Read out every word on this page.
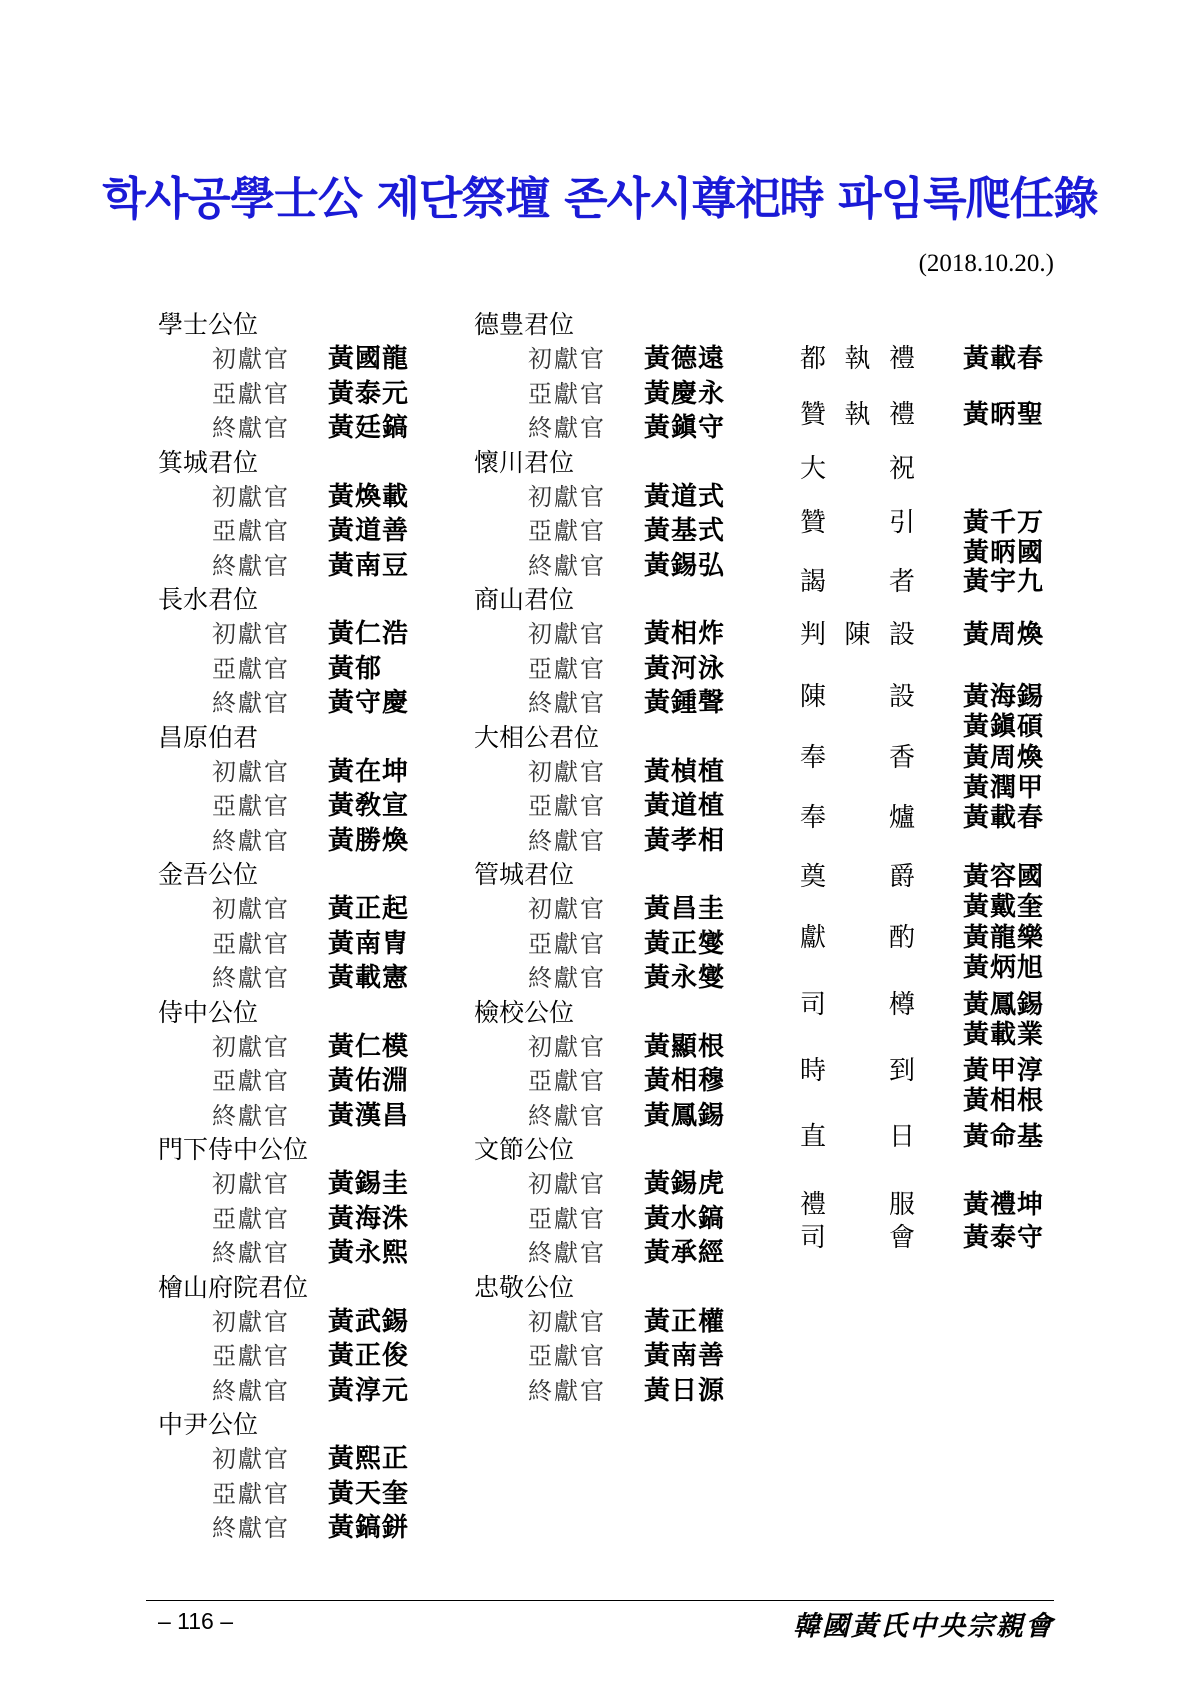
학사공學士公 제단祭壇 존사시尊祀時 파임록爬任錄
(2018.10.20.)
學士公位
初獻官 黃國龍
亞獻官 黃泰元
終獻官 黃廷鎬
箕城君位
初獻官 黃煥載
亞獻官 黃道善
終獻官 黃南豆
長水君位
初獻官 黃仁浩
亞獻官 黃郁
終獻官 黃守慶
昌原伯君
初獻官 黃在坤
亞獻官 黃敎宣
終獻官 黃勝煥
金吾公位
初獻官 黃正起
亞獻官 黃南冑
終獻官 黃載憲
侍中公位
初獻官 黃仁模
亞獻官 黃佑淵
終獻官 黃漢昌
門下侍中公位
初獻官 黃錫圭
亞獻官 黃海洙
終獻官 黃永熙
檜山府院君位
初獻官 黃武錫
亞獻官 黃正俊
終獻官 黃淳元
中尹公位
初獻官 黃熙正
亞獻官 黃天奎
終獻官 黃鎬鉼
德豊君位
初獻官 黃德遠
亞獻官 黃慶永
終獻官 黃鎭守
懷川君位
初獻官 黃道式
亞獻官 黃基式
終獻官 黃錫弘
商山君位
初獻官 黃相炸
亞獻官 黃河泳
終獻官 黃鍾聲
大相公君位
初獻官 黃楨植
亞獻官 黃道植
終獻官 黃孝相
管城君位
初獻官 黃昌圭
亞獻官 黃正燮
終獻官 黃永燮
檢校公位
初獻官 黃顯根
亞獻官 黃相穆
終獻官 黃鳳錫
文節公位
初獻官 黃錫虎
亞獻官 黃水鎬
終獻官 黃承經
忠敬公位
初獻官 黃正權
亞獻官 黃南善
終獻官 黃日源
都執禮 黃載春
贊執禮 黃昞聖
大祝
贊引 黃千万
黃昞國
謁者 黃宇九
判陳設 黃周煥
陳設 黃海錫
黃鎭碩
奉香 黃周煥
黃潤甲
奉爐 黃載春
奠爵 黃容國
黃戴奎
獻酌 黃龍樂
黃炳旭
司樽 黃鳳錫
黃載業
時到 黃甲淳
黃相根
直日 黃命基
禮服 黃禮坤
司會 黃泰守
– 116 –	韓國黃氏中央宗親會
